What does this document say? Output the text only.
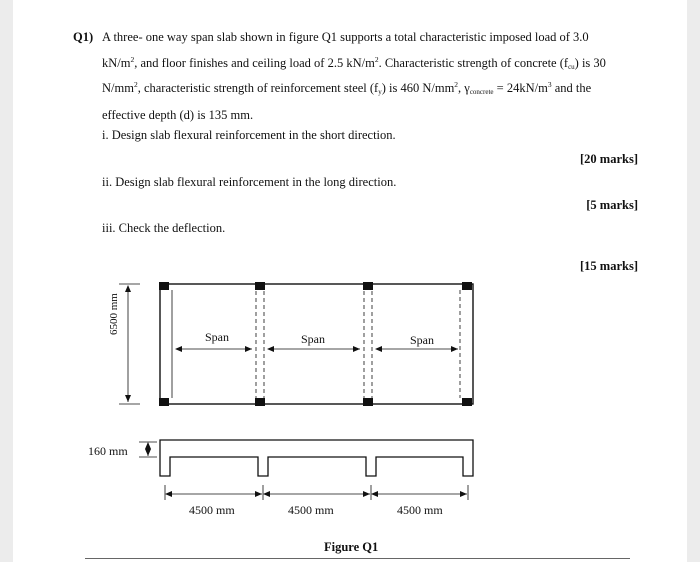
Q1) A three- one way span slab shown in figure Q1 supports a total characteristic imposed load of 3.0
$kN/m^2$, and floor finishes and ceiling load of 2.5 $kN/m^2$. Characteristic strength of concrete $(f_{cu})$ is 30
$N/mm^2$, characteristic strength of reinforcement steel $(f_y)$ is 460 $N/mm^2$, $\gamma_{concrete} = 24kN/m^3$ and the
effective depth (d) is 135 mm.
i. Design slab flexural reinforcement in the short direction.
[20 marks]
ii. Design slab flexural reinforcement in the long direction.
[5 marks]
iii. Check the deflection.
[15 marks]
Span	Span	Span
6500 mm
160 mm
4500 mm	4500 mm	4500 mm
Figure Q1
